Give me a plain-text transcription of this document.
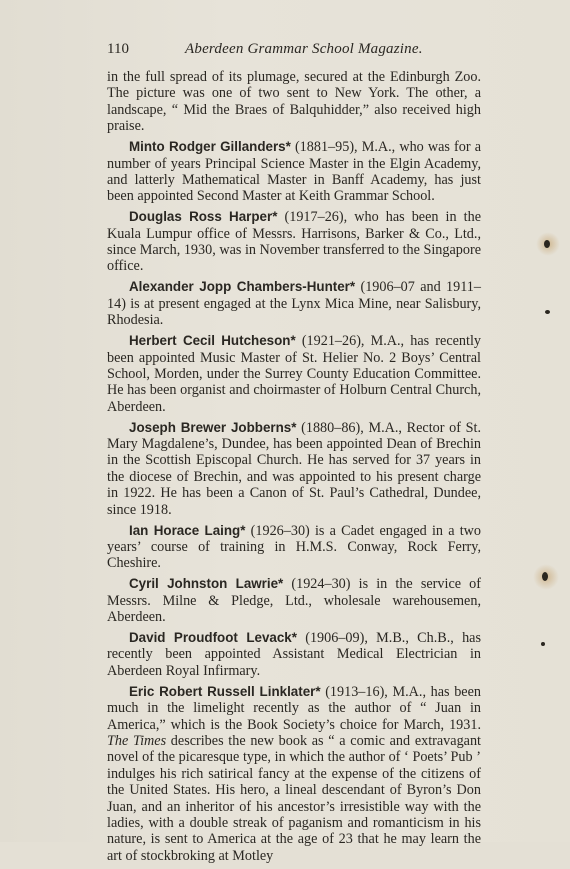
110	Aberdeen Grammar School Magazine.

in the full spread of its plumage, secured at the Edinburgh Zoo. The picture was one of two sent to New York. The other, a landscape, “ Mid the Braes of Balquhidder,” also received high praise.

Minto Rodger Gillanders* (1881–95), M.A., who was for a number of years Principal Science Master in the Elgin Academy, and latterly Mathematical Master in Banff Academy, has just been appointed Second Master at Keith Grammar School.

Douglas Ross Harper* (1917–26), who has been in the Kuala Lumpur office of Messrs. Harrisons, Barker & Co., Ltd., since March, 1930, was in November transferred to the Singapore office.

Alexander Jopp Chambers-Hunter* (1906–07 and 1911–14) is at present engaged at the Lynx Mica Mine, near Salisbury, Rhodesia.

Herbert Cecil Hutcheson* (1921–26), M.A., has recently been appointed Music Master of St. Helier No. 2 Boys’ Central School, Morden, under the Surrey County Education Committee. He has been organist and choirmaster of Holburn Central Church, Aberdeen.

Joseph Brewer Jobberns* (1880–86), M.A., Rector of St. Mary Magdalene’s, Dundee, has been appointed Dean of Brechin in the Scottish Episcopal Church. He has served for 37 years in the diocese of Brechin, and was appointed to his present charge in 1922. He has been a Canon of St. Paul’s Cathedral, Dundee, since 1918.

Ian Horace Laing* (1926–30) is a Cadet engaged in a two years’ course of training in H.M.S. Conway, Rock Ferry, Cheshire.

Cyril Johnston Lawrie* (1924–30) is in the service of Messrs. Milne & Pledge, Ltd., wholesale warehousemen, Aberdeen.

David Proudfoot Levack* (1906–09), M.B., Ch.B., has recently been appointed Assistant Medical Electrician in Aberdeen Royal Infirmary.

Eric Robert Russell Linklater* (1913–16), M.A., has been much in the limelight recently as the author of “ Juan in America,” which is the Book Society’s choice for March, 1931. The Times describes the new book as “ a comic and extravagant novel of the picaresque type, in which the author of ‘ Poets’ Pub ’ indulges his rich satirical fancy at the expense of the citizens of the United States. His hero, a lineal descendant of Byron’s Don Juan, and an inheritor of his ancestor’s irresistible way with the ladies, with a double streak of paganism and romanticism in his nature, is sent to America at the age of 23 that he may learn the art of stockbroking at Motley
